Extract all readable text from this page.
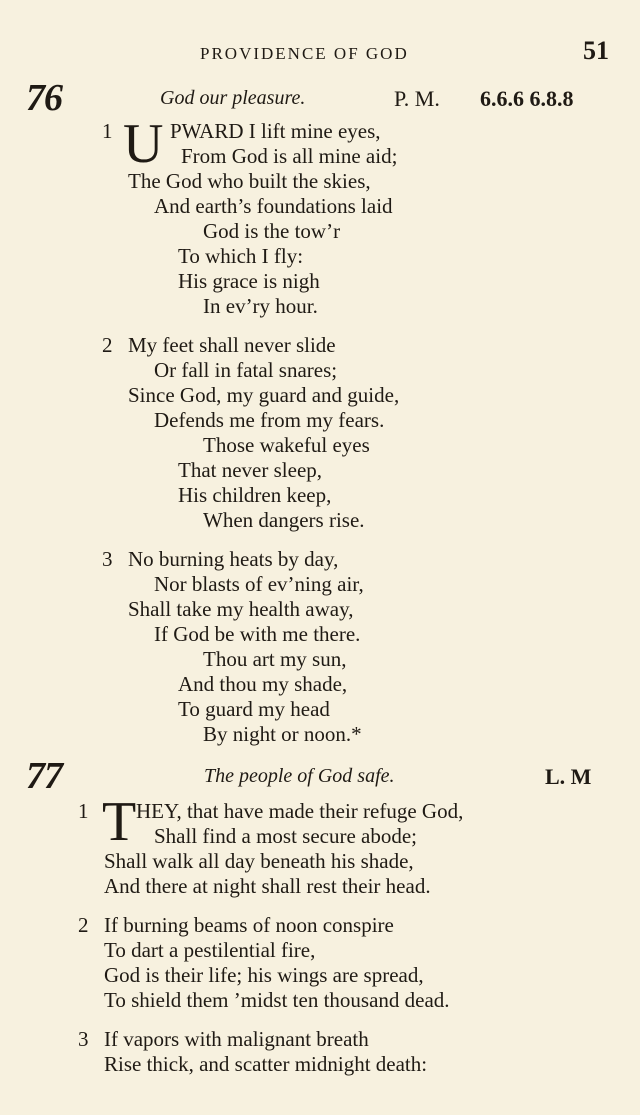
PROVIDENCE OF GOD	51
76	God our pleasure.	P. M. 6.6.6 6.8.8
1 U PWARD I lift mine eyes,
From God is all mine aid;
The God who built the skies,
And earth’s foundations laid
God is the tow’r
To which I fly:
His grace is nigh
In ev’ry hour.
2 My feet shall never slide
Or fall in fatal snares;
Since God, my guard and guide,
Defends me from my fears.
Those wakeful eyes
That never sleep,
His children keep,
When dangers rise.
3 No burning heats by day,
Nor blasts of ev’ning air,
Shall take my health away,
If God be with me there.
Thou art my sun,
And thou my shade,
To guard my head
By night or noon.*
77	The people of God safe.	L. M
1 T HEY, that have made their refuge God,
Shall find a most secure abode;
Shall walk all day beneath his shade,
And there at night shall rest their head.
2 If burning beams of noon conspire
To dart a pestilential fire,
God is their life; his wings are spread,
To shield them ’midst ten thousand dead.
3 If vapors with malignant breath
Rise thick, and scatter midnight death:
